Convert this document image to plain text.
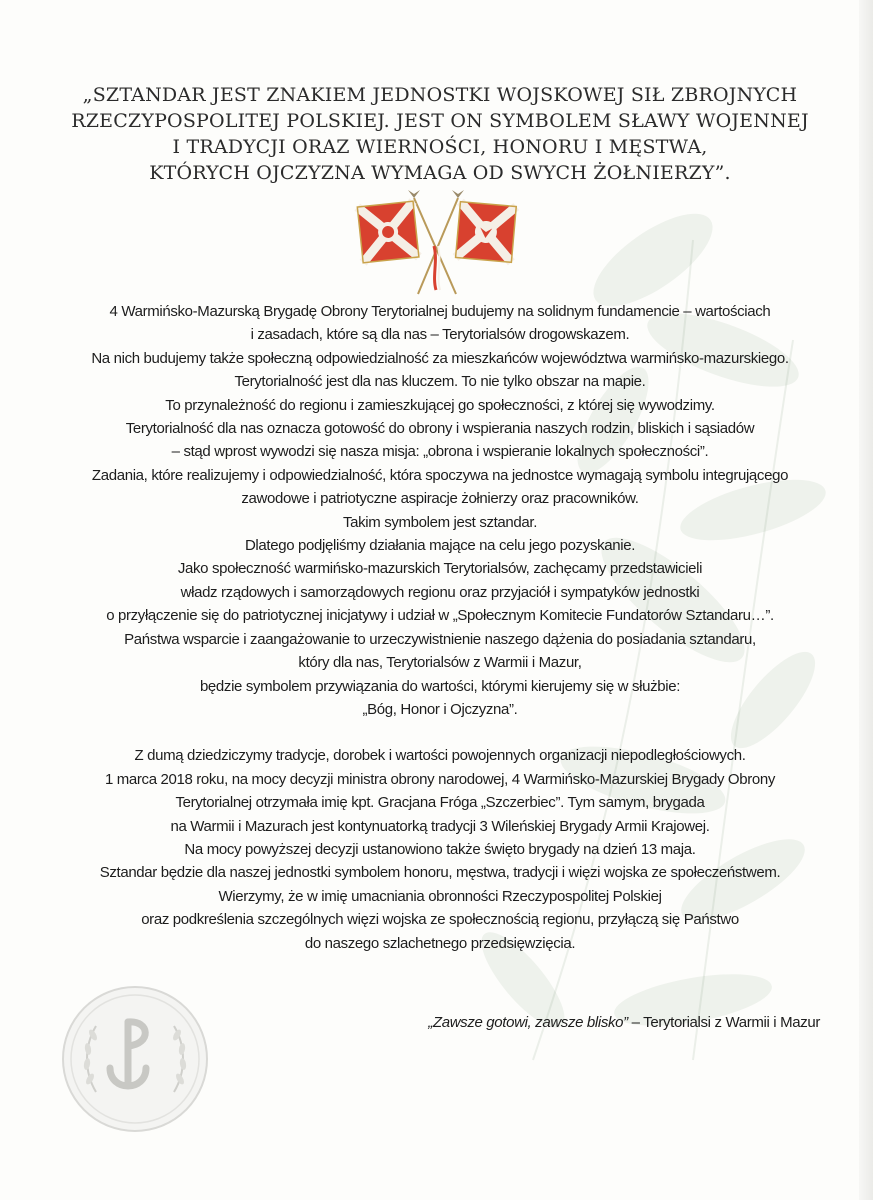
„SZTANDAR JEST ZNAKIEM JEDNOSTKI WOJSKOWEJ SIŁ ZBROJNYCH
RZECZYPOSPOLITEJ POLSKIEJ. JEST ON SYMBOLEM SŁAWY WOJENNEJ
I TRADYCJI ORAZ WIERNOŚCI, HONORU I MĘSTWA,
KTÓRYCH OJCZYZNA WYMAGA OD SWYCH ŻOŁNIERZY”.
4 Warmińsko-Mazurską Brygadę Obrony Terytorialnej budujemy na solidnym fundamencie – wartościach
i zasadach, które są dla nas – Terytorialsów drogowskazem.
Na nich budujemy także społeczną odpowiedzialność za mieszkańców województwa warmińsko-mazurskiego.
Terytorialność jest dla nas kluczem. To nie tylko obszar na mapie.
To przynależność do regionu i zamieszkującej go społeczności, z której się wywodzimy.
Terytorialność dla nas oznacza gotowość do obrony i wspierania naszych rodzin, bliskich i sąsiadów
– stąd wprost wywodzi się nasza misja: „obrona i wspieranie lokalnych społeczności”.
Zadania, które realizujemy i odpowiedzialność, która spoczywa na jednostce wymagają symbolu integrującego
zawodowe i patriotyczne aspiracje żołnierzy oraz pracowników.
Takim symbolem jest sztandar.
Dlatego podjęliśmy działania mające na celu jego pozyskanie.
Jako społeczność warmińsko-mazurskich Terytorialsów, zachęcamy przedstawicieli
władz rządowych i samorządowych regionu oraz przyjaciół i sympatyków jednostki
o przyłączenie się do patriotycznej inicjatywy i udział w „Społecznym Komitecie Fundatorów Sztandaru…”.
Państwa wsparcie i zaangażowanie to urzeczywistnienie naszego dążenia do posiadania sztandaru,
który dla nas, Terytorialsów z Warmii i Mazur,
będzie symbolem przywiązania do wartości, którymi kierujemy się w służbie:
„Bóg, Honor i Ojczyzna”.
Z dumą dziedziczymy tradycje, dorobek i wartości powojennych organizacji niepodległościowych.
1 marca 2018 roku, na mocy decyzji ministra obrony narodowej, 4 Warmińsko-Mazurskiej Brygady Obrony
Terytorialnej otrzymała imię kpt. Gracjana Fróga „Szczerbiec”. Tym samym, brygada
na Warmii i Mazurach jest kontynuatorką tradycji 3 Wileńskiej Brygady Armii Krajowej.
Na mocy powyższej decyzji ustanowiono także święto brygady na dzień 13 maja.
Sztandar będzie dla naszej jednostki symbolem honoru, męstwa, tradycji i więzi wojska ze społeczeństwem.
Wierzymy, że w imię umacniania obronności Rzeczypospolitej Polskiej
oraz podkreślenia szczególnych więzi wojska ze społecznością regionu, przyłączą się Państwo
do naszego szlachetnego przedsięwzięcia.
„Zawsze gotowi, zawsze blisko” – Terytorialsi z Warmii i Mazur
